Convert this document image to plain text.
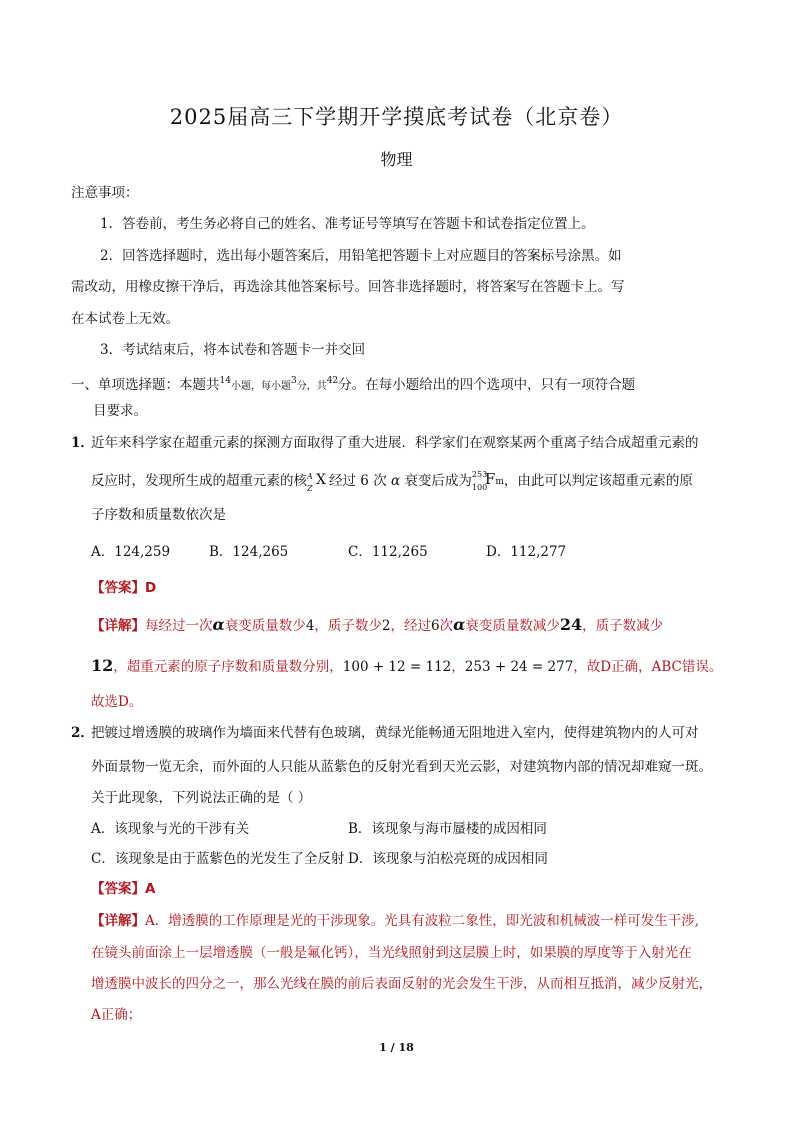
2025届高三下学期开学摸底考试卷（北京卷）
物理
注意事项：
1．答卷前，考生务必将自己的姓名、准考证号等填写在答题卡和试卷指定位置上。
2．回答选择题时，选出每小题答案后，用铅笔把答题卡上对应题目的答案标号涂黑。如
需改动，用橡皮擦干净后，再选涂其他答案标号。回答非选择题时，将答案写在答题卡上。写
在本试卷上无效。
3．考试结束后，将本试卷和答题卡一并交回
一、单项选择题：本题共$^{14}$小题，每小题$^3$分，共$^{42}$分。在每小题给出的四个选项中，只有一项符合题
目要求。
1．
近年来科学家在超重元素的探测方面取得了重大进展．科学家们在观察某两个重离子结合成超重元素的
反应时，发现所生成的超重元素的核 A
Z
X 经过 6 次 α 衰变后成为 253
100
Fm ，由此可以判定该超重元素的原
子序数和质量数依次是
A．124,259	B．124,265	C．112,265	D．112,277
【答案】D
【详解】每经过一次α衰变质量数少4，质子数少2，经过6次α衰变质量数减少24，质子数减少
12，超重元素的原子序数和质量数分别，100 + 12 = 112，253 + 24 = 277，故D正确，ABC错误。
故选D。
2．
把镀过增透膜的玻璃作为墙面来代替有色玻璃，黄绿光能畅通无阻地进入室内，使得建筑物内的人可对
外面景物一览无余，而外面的人只能从蓝紫色的反射光看到天光云影，对建筑物内部的情况却难窥一斑。
关于此现象，下列说法正确的是（ ）
A．该现象与光的干涉有关	B．该现象与海市蜃楼的成因相同
C．该现象是由于蓝紫色的光发生了全反射 D．该现象与泊松亮斑的成因相同
【答案】A
【详解】A．增透膜的工作原理是光的干涉现象。光具有波粒二象性，即光波和机械波一样可发生干涉,
在镜头前面涂上一层增透膜（一般是氟化钙），当光线照射到这层膜上时，如果膜的厚度等于入射光在
增透膜中波长的四分之一，那么光线在膜的前后表面反射的光会发生干涉，从而相互抵消，减少反射光，
A正确；
1 / 18
